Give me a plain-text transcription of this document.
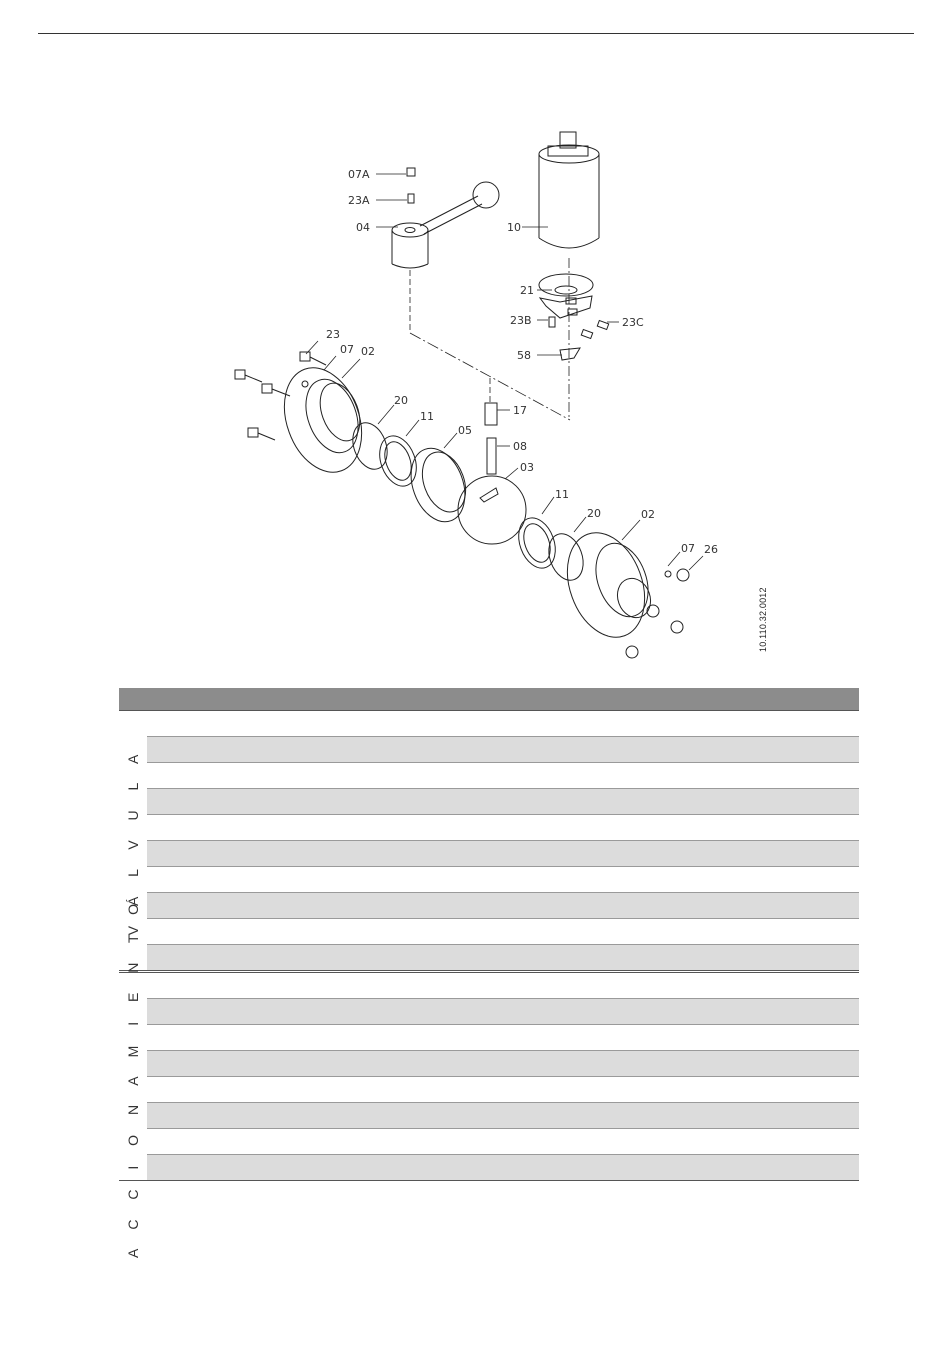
07A
23A
04	10
21
23B	23C
58
23
07 02
20
11
05
17
08
03
11
20	02
07 26
10.110.32.0012
V Á L V U L A
A C C I O N A M I E N T O
